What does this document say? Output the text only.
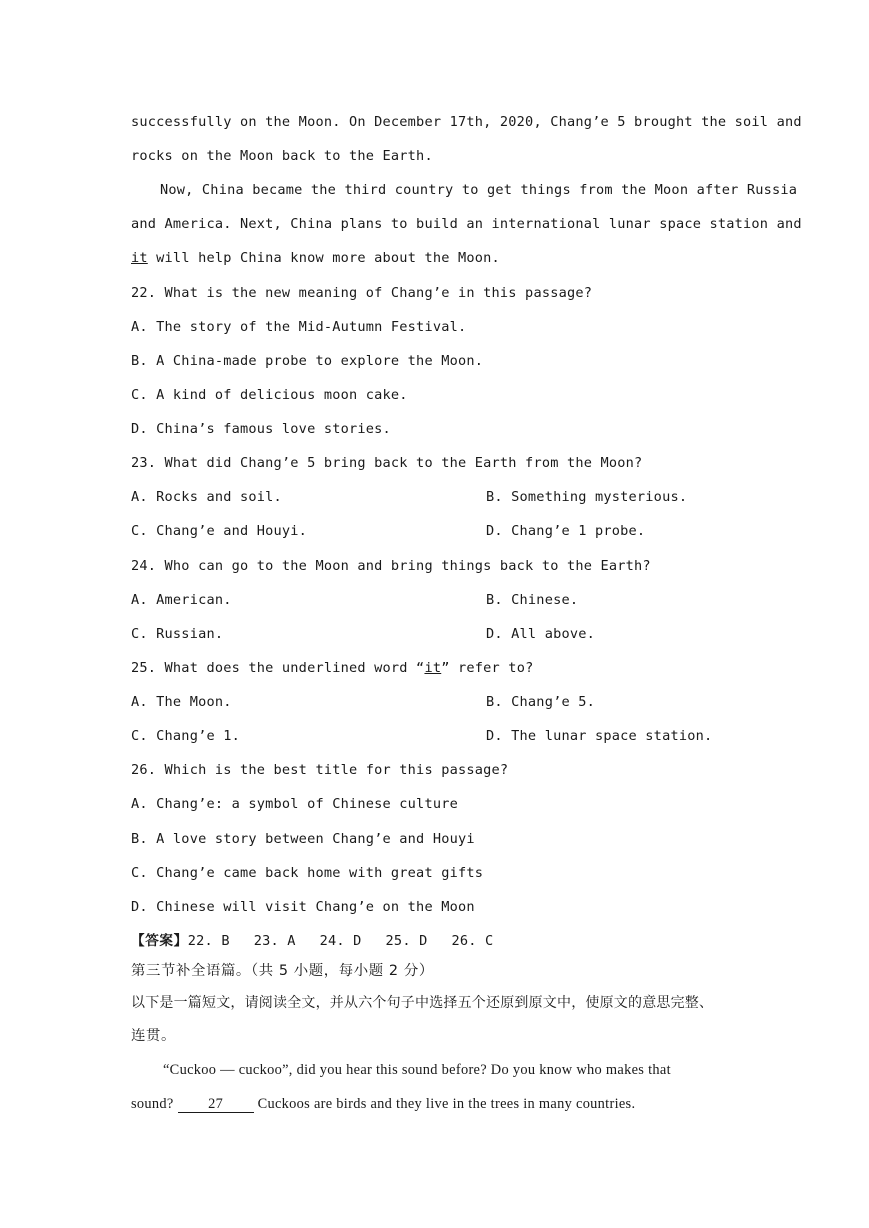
successfully on the Moon. On December 17th, 2020, Chang’e 5 brought the soil and
rocks on the Moon back to the Earth.
Now, China became the third country to get things from the Moon after Russia
and America. Next, China plans to build an international lunar space station and
it will help China know more about the Moon.
22. What is the new meaning of Chang’e in this passage?
A. The story of the Mid-Autumn Festival.
B. A China-made probe to explore the Moon.
C. A kind of delicious moon cake.
D. China’s famous love stories.
23. What did Chang’e 5 bring back to the Earth from the Moon?
A. Rocks and soil.	B. Something mysterious.
C. Chang’e and Houyi.	D. Chang’e 1 probe.
24. Who can go to the Moon and bring things back to the Earth?
A. American.	B. Chinese.
C. Russian.	D. All above.
25. What does the underlined word “it” refer to?
A. The Moon.	B. Chang’e 5.
C. Chang’e 1.	D. The lunar space station.
26. Which is the best title for this passage?
A. Chang’e: a symbol of Chinese culture
B. A love story between Chang’e and Houyi
C. Chang’e came back home with great gifts
D. Chinese will visit Chang’e on the Moon
【答案】22. B 23. A 24. D 25. D 26. C
第三节补全语篇。（共 5 小题，每小题 2 分）
以下是一篇短文，请阅读全文，并从六个句子中选择五个还原到原文中，使原文的意思完整、
连贯。
“Cuckoo — cuckoo”, did you hear this sound before? Do you know who makes that
sound? 27 Cuckoos are birds and they live in the trees in many countries.
